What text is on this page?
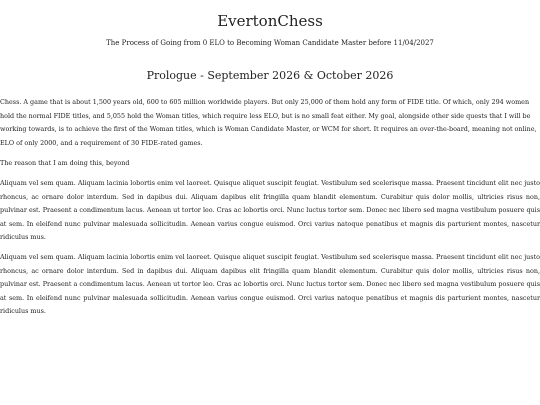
EvertonChess
The Process of Going from 0 ELO to Becoming Woman Candidate Master before 11/04/2027
Prologue - September 2026 & October 2026

Chess. A game that is about 1,500 years old, 600 to 605 million worldwide players. But only 25,000 of them hold any form of FIDE title. Of which, only 294 women hold the normal FIDE titles, and 5,055 hold the Woman titles, which require less ELO, but is no small feat either. My goal, alongside other side quests that I will be working towards, is to achieve the first of the Woman titles, which is Woman Candidate Master, or WCM for short. It requires an over-the-board, meaning not online, ELO of only 2000, and a requirement of 30 FIDE-rated games.

The reason that I am doing this, beyond

Aliquam vel sem quam. Aliquam lacinia lobortis enim vel laoreet. Quisque aliquet suscipit feugiat. Vestibulum sed scelerisque massa. Praesent tincidunt elit nec justo rhoncus, ac ornare dolor interdum. Sed in dapibus dui. Aliquam dapibus elit fringilla quam blandit elementum. Curabitur quis dolor mollis, ultricies risus non, pulvinar est. Praesent a condimentum lacus. Aenean ut tortor leo. Cras ac lobortis orci. Nunc luctus tortor sem. Donec nec libero sed magna vestibulum posuere quis at sem. In eleifend nunc pulvinar malesuada sollicitudin. Aenean varius congue euismod. Orci varius natoque penatibus et magnis dis parturient montes, nascetur ridiculus mus.

Aliquam vel sem quam. Aliquam lacinia lobortis enim vel laoreet. Quisque aliquet suscipit feugiat. Vestibulum sed scelerisque massa. Praesent tincidunt elit nec justo rhoncus, ac ornare dolor interdum. Sed in dapibus dui. Aliquam dapibus elit fringilla quam blandit elementum. Curabitur quis dolor mollis, ultricies risus non, pulvinar est. Praesent a condimentum lacus. Aenean ut tortor leo. Cras ac lobortis orci. Nunc luctus tortor sem. Donec nec libero sed magna vestibulum posuere quis at sem. In eleifend nunc pulvinar malesuada sollicitudin. Aenean varius congue euismod. Orci varius natoque penatibus et magnis dis parturient montes, nascetur ridiculus mus.
